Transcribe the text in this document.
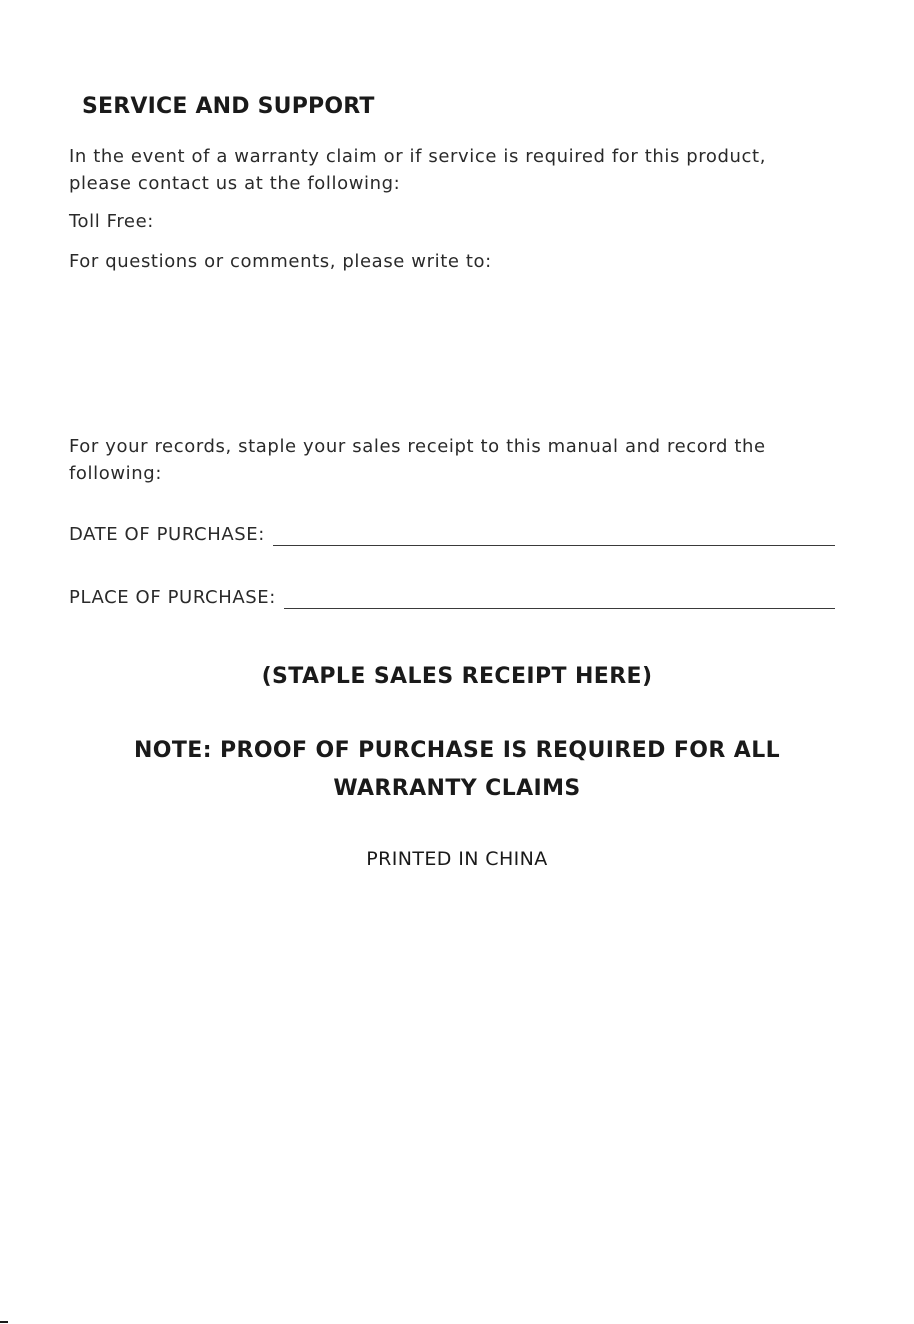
SERVICE AND SUPPORT
In the event of a warranty claim or if service is required for this product,
please contact us at the following:
Toll Free:
For questions or comments, please write to:
For your records, staple your sales receipt to this manual and record the
following:
DATE OF PURCHASE:
PLACE OF PURCHASE:
(STAPLE SALES RECEIPT HERE)
NOTE: PROOF OF PURCHASE IS REQUIRED FOR ALL
WARRANTY CLAIMS
PRINTED IN CHINA
